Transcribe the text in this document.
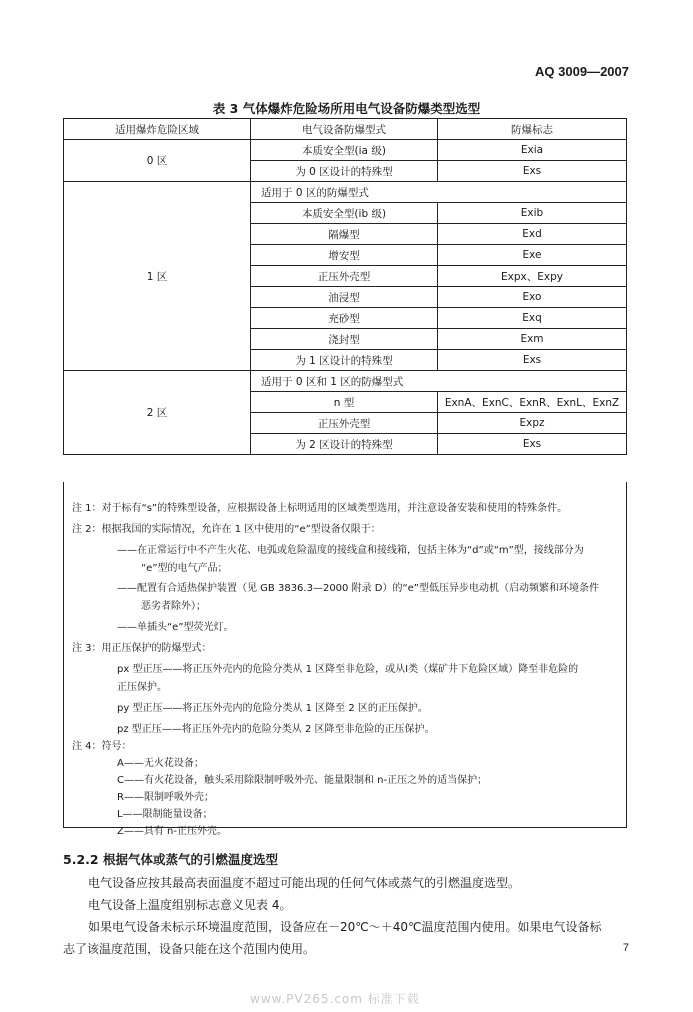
AQ 3009—2007
表 3 气体爆炸危险场所用电气设备防爆类型选型
适用爆炸危险区域	电气设备防爆型式	防爆标志
0 区	本质安全型(ia 级)	Exia
	为 0 区设计的特殊型	Exs
1 区	适用于 0 区的防爆型式	
	本质安全型(ib 级)	Exib
	隔爆型	Exd
	增安型	Exe
	正压外壳型	Expx、Expy
	油浸型	Exo
	充砂型	Exq
	浇封型	Exm
	为 1 区设计的特殊型	Exs
2 区	适用于 0 区和 1 区的防爆型式	
	n 型	ExnA、ExnC、ExnR、ExnL、ExnZ
	正压外壳型	Expz
	为 2 区设计的特殊型	Exs
注 1：对于标有“s”的特殊型设备，应根据设备上标明适用的区域类型选用，并注意设备安装和使用的特殊条件。
注 2：根据我国的实际情况，允许在 1 区中使用的“e”型设备仅限于：
——在正常运行中不产生火花、电弧或危险温度的接线盒和接线箱，包括主体为“d”或“m”型，接线部分为
“e”型的电气产品；
——配置有合适热保护装置（见 GB 3836.3—2000 附录 D）的“e”型低压异步电动机（启动频繁和环境条件
恶劣者除外）；
——单插头“e”型荧光灯。
注 3：用正压保护的防爆型式：
px 型正压——将正压外壳内的危险分类从 1 区降至非危险，或从Ⅰ类（煤矿井下危险区域）降至非危险的
正压保护。
py 型正压——将正压外壳内的危险分类从 1 区降至 2 区的正压保护。
pz 型正压——将正压外壳内的危险分类从 2 区降至非危险的正压保护。
注 4：符号：
A——无火花设备；
C——有火花设备，触头采用除限制呼吸外壳、能量限制和 n-正压之外的适当保护；
R——限制呼吸外壳；
L——限制能量设备；
Z——具有 n-正压外壳。
5.2.2 根据气体或蒸气的引燃温度选型
电气设备应按其最高表面温度不超过可能出现的任何气体或蒸气的引燃温度选型。
电气设备上温度组别标志意义见表 4。
如果电气设备未标示环境温度范围，设备应在－20℃～＋40℃温度范围内使用。如果电气设备标
志了该温度范围，设备只能在这个范围内使用。	7
www.PV265.com 标准下载
